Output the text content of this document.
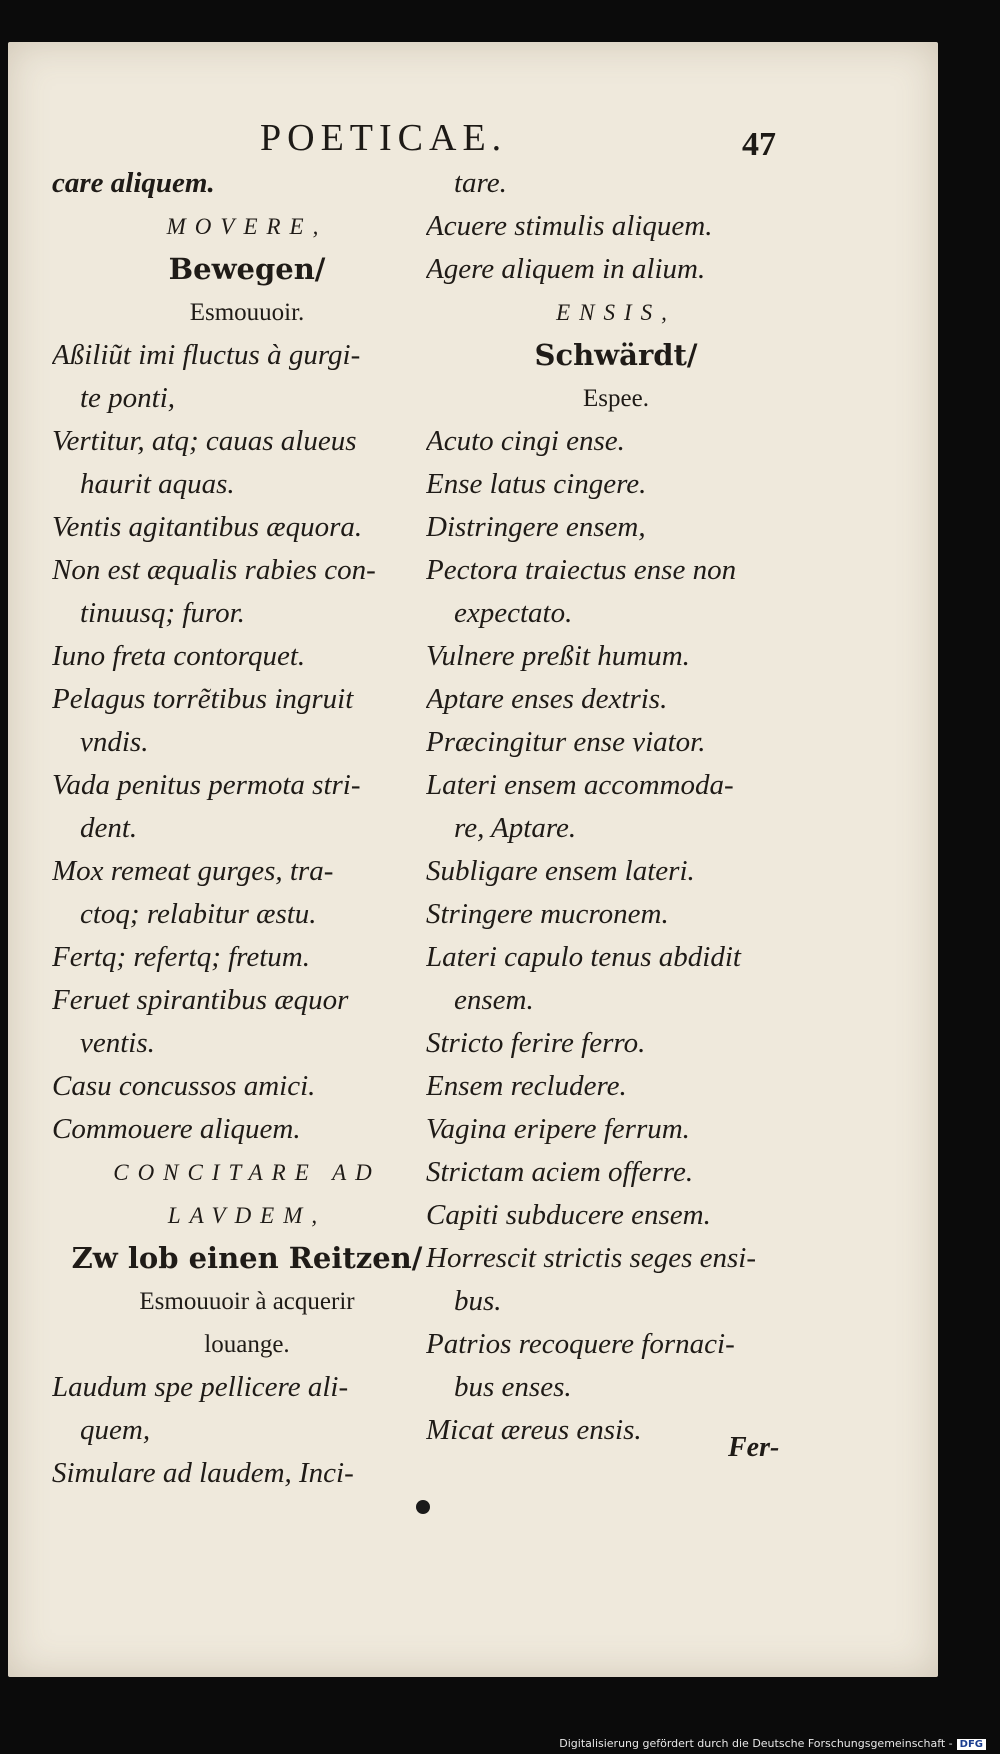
POETICAE.	47
care aliquem.
MOVERE,
Bewegen/
Esmouuoir.
Aßiliũt imi fluctus à gurgi-
te ponti,
Vertitur, atq; cauas alueus
haurit aquas.
Ventis agitantibus æquora.
Non est æqualis rabies con-
tinuusq; furor.
Iuno freta contorquet.
Pelagus torrẽtibus ingruit
vndis.
Vada penitus permota stri-
dent.
Mox remeat gurges, tra-
ctoq; relabitur æstu.
Fertq; refertq; fretum.
Feruet spirantibus æquor
ventis.
Casu concussos amici.
Commouere aliquem.
CONCITARE AD
LAVDEM,
Zw lob einen Reitzen/
Esmouuoir à acquerir
louange.
Laudum spe pellicere ali-
quem,
Simulare ad laudem, Inci-
tare.
Acuere stimulis aliquem.
Agere aliquem in alium.
ENSIS,
Schwärdt/
Espee.
Acuto cingi ense.
Ense latus cingere.
Distringere ensem,
Pectora traiectus ense non
expectato.
Vulnere preßit humum.
Aptare enses dextris.
Præcingitur ense viator.
Lateri ensem accommoda-
re, Aptare.
Subligare ensem lateri.
Stringere mucronem.
Lateri capulo tenus abdidit
ensem.
Stricto ferire ferro.
Ensem recludere.
Vagina eripere ferrum.
Strictam aciem offerre.
Capiti subducere ensem.
Horrescit strictis seges ensi-
bus.
Patrios recoquere fornaci-
bus enses.
Micat æreus ensis.
Fer-
Digitalisierung gefördert durch die Deutsche Forschungsgemeinschaft - DFG
